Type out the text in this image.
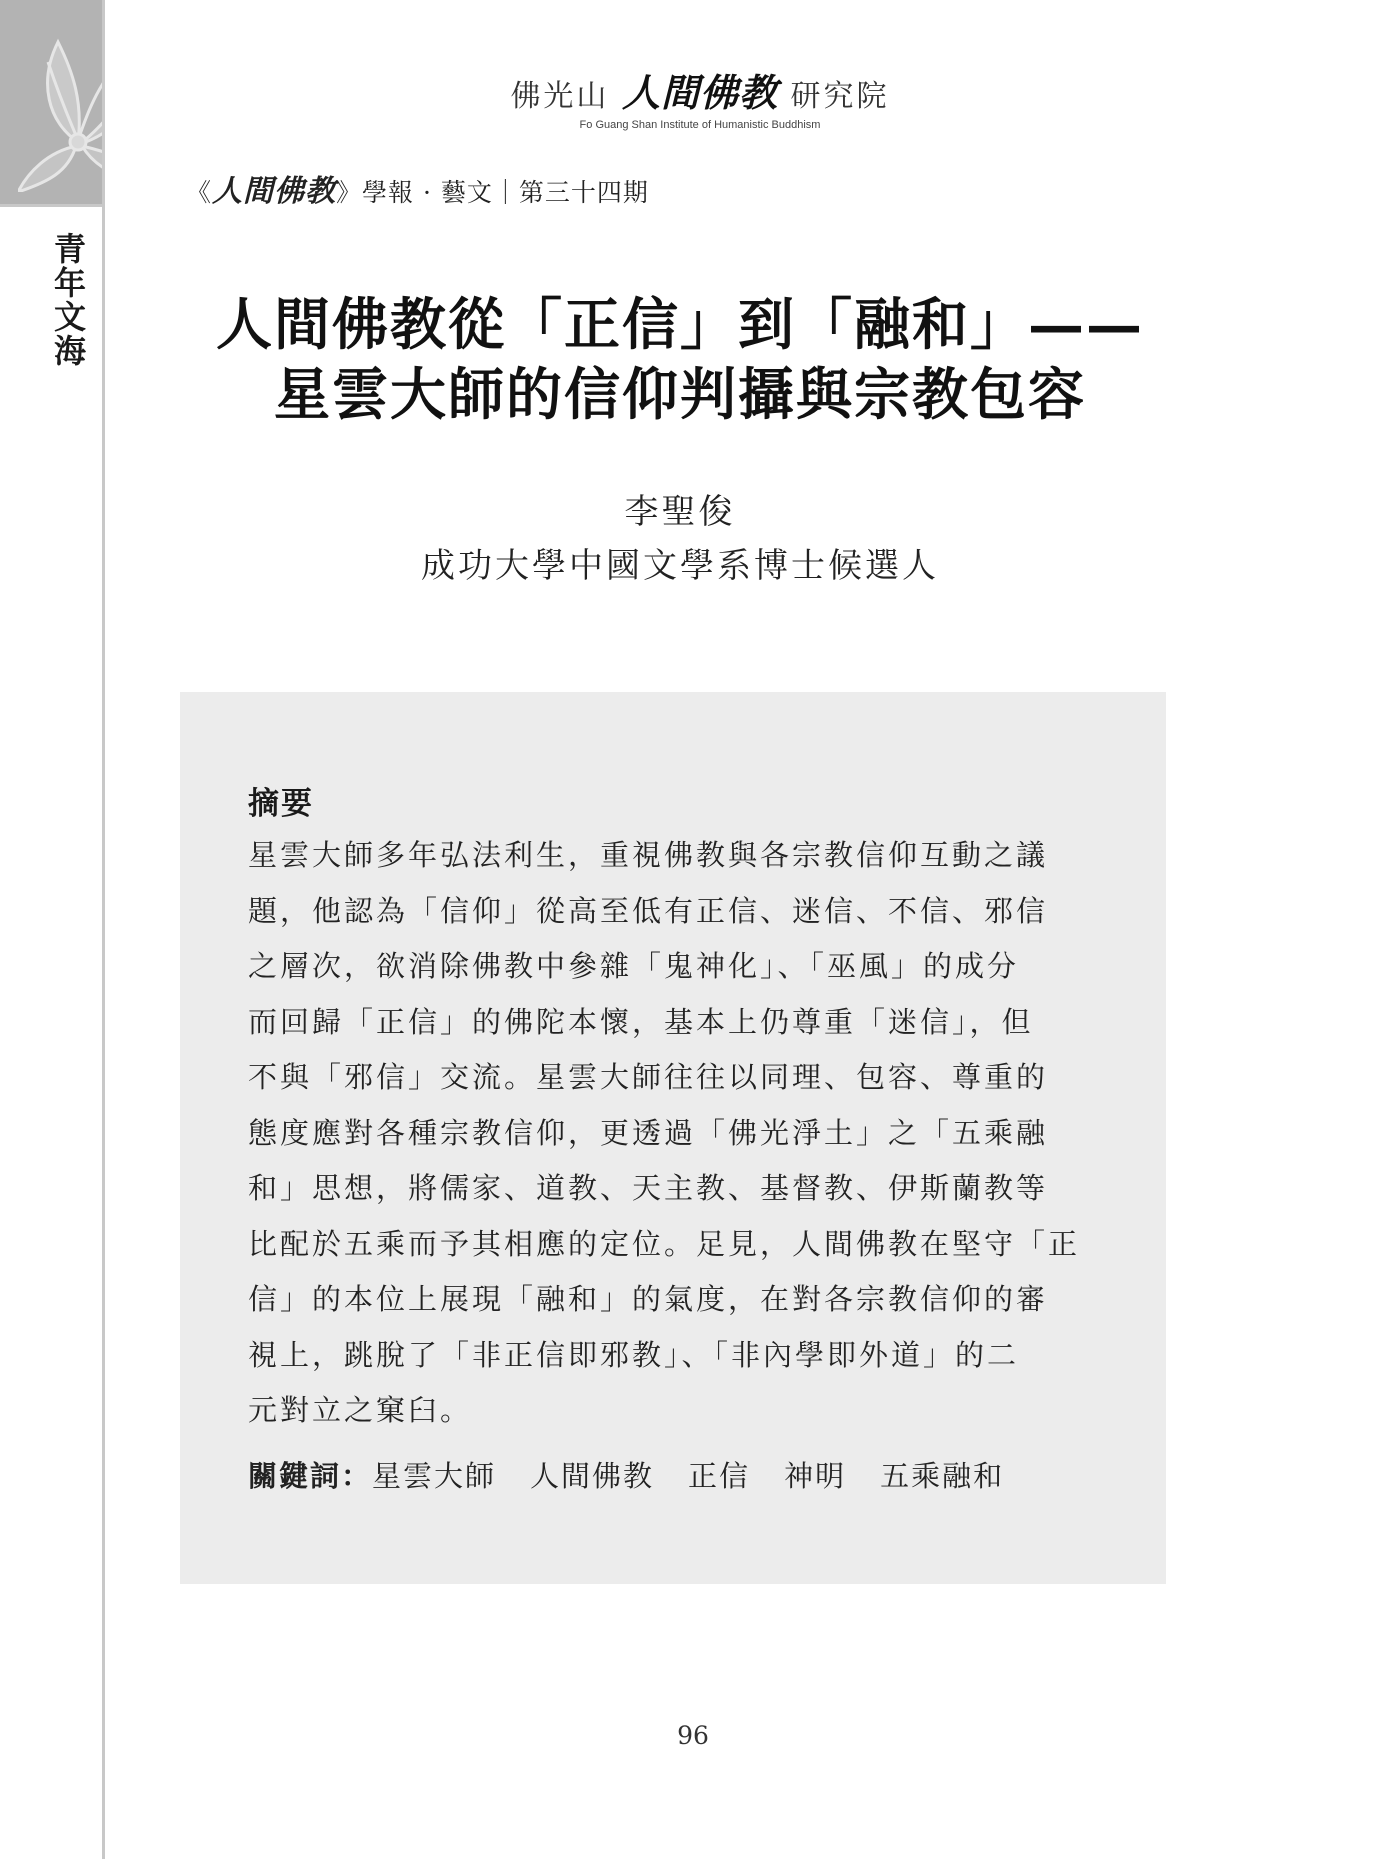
青年文海
佛光山 人間佛教 研究院
Fo Guang Shan Institute of Humanistic Buddhism
《人間佛教》學報 · 藝文｜第三十四期
人間佛教從「正信」到「融和」——
星雲大師的信仰判攝與宗教包容
李聖俊
成功大學中國文學系博士候選人
摘要
星雲大師多年弘法利生，重視佛教與各宗教信仰互動之議
題，他認為「信仰」從高至低有正信、迷信、不信、邪信
之層次，欲消除佛教中參雜「鬼神化」、「巫風」的成分
而回歸「正信」的佛陀本懷，基本上仍尊重「迷信」，但
不與「邪信」交流。星雲大師往往以同理、包容、尊重的
態度應對各種宗教信仰，更透過「佛光淨土」之「五乘融
和」思想，將儒家、道教、天主教、基督教、伊斯蘭教等
比配於五乘而予其相應的定位。足見，人間佛教在堅守「正
信」的本位上展現「融和」的氣度，在對各宗教信仰的審
視上，跳脫了「非正信即邪教」、「非內學即外道」的二
元對立之窠臼。
關鍵詞：星雲大師 人間佛教 正信 神明 五乘融和
96
